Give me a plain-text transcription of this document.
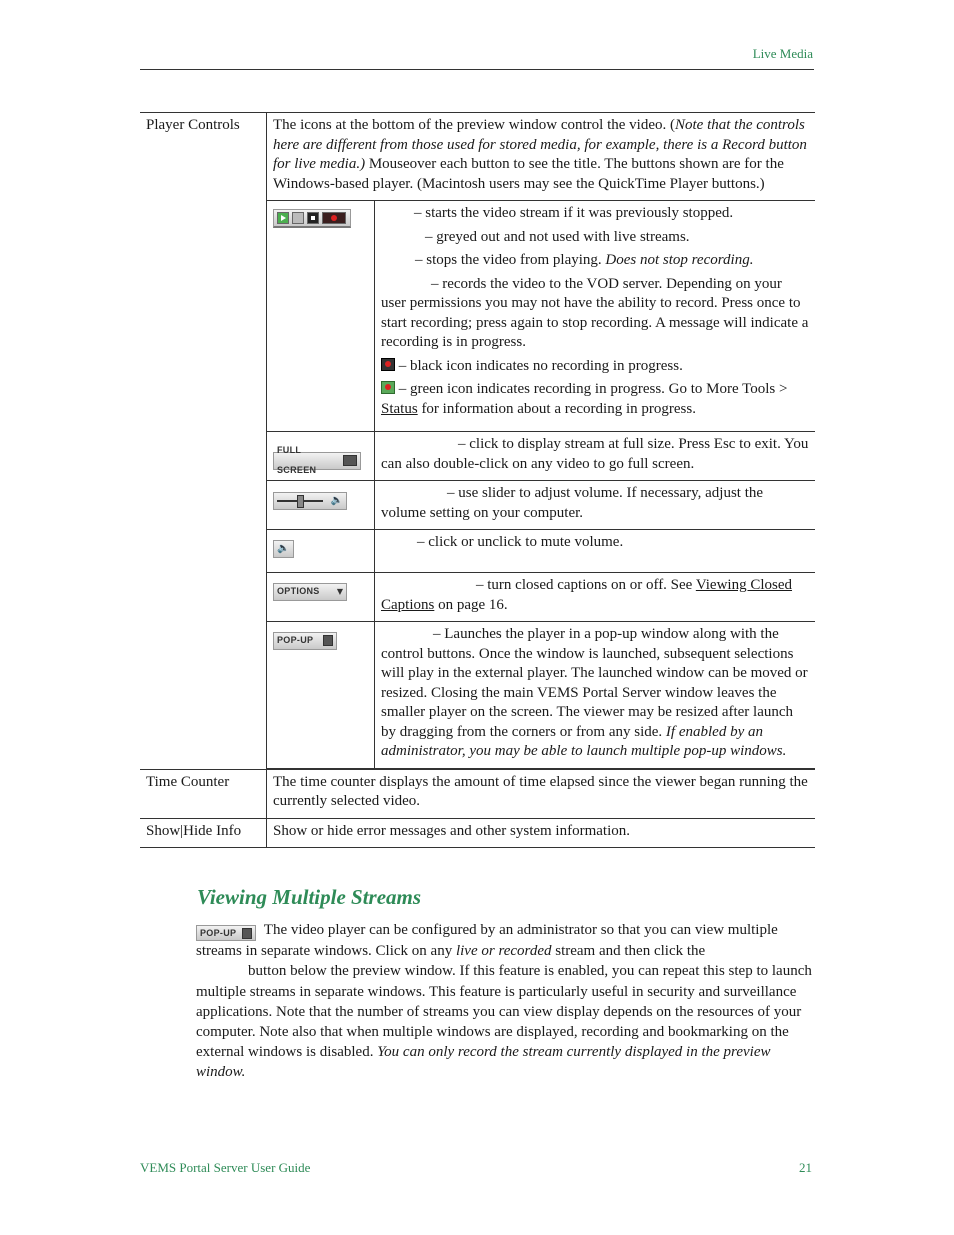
Live Media
Player Controls	The icons at the bottom of the preview window control the video. (Note that the controls here are different from those used for stored media, for example, there is a Record button for live media.) Mouseover each button to see the title. The buttons shown are for the Windows-based player. (Macintosh users may see the QuickTime Player buttons.)

– starts the video stream if it was previously stopped.
– greyed out and not used with live streams.
– stops the video from playing. Does not stop recording.
– records the video to the VOD server. Depending on your user permissions you may not have the ability to record. Press once to start recording; press again to stop recording. A message will indicate a recording is in progress.
– black icon indicates no recording in progress.
– green icon indicates recording in progress. Go to More Tools > Status for information about a recording in progress.

FULL SCREEN
	– click to display stream at full size. Press Esc to exit. You can also double-click on any video to go full screen.

🔈	– use slider to adjust volume. If necessary, adjust the volume setting on your computer.

🔈	– click or unclick to mute volume.

OPTIONS ▼	– turn closed captions on or off. See Viewing Closed Captions on page 16.

POP-UP	– Launches the player in a pop-up window along with the control buttons. Once the window is launched, subsequent selections will play in the external player. The launched window can be moved or resized. Closing the main VEMS Portal Server window leaves the smaller player on the screen. The viewer may be resized after launch by dragging from the corners or from any side. If enabled by an administrator, you may be able to launch multiple pop-up windows.

Time Counter	The time counter displays the amount of time elapsed since the viewer began running the currently selected video.
Show|Hide Info	Show or hide error messages and other system information.
Viewing Multiple Streams
POP-UP The video player can be configured by an administrator so that you can view multiple streams in separate windows. Click on any live or recorded stream and then click the
button below the preview window. If this feature is enabled, you can repeat this step to launch multiple streams in separate windows. This feature is particularly useful in security and surveillance applications. Note that the number of streams you can view display depends on the resources of your computer. Note also that when multiple windows are displayed, recording and bookmarking on the external windows is disabled. You can only record the stream currently displayed in the preview window.
VEMS Portal Server User Guide	21
